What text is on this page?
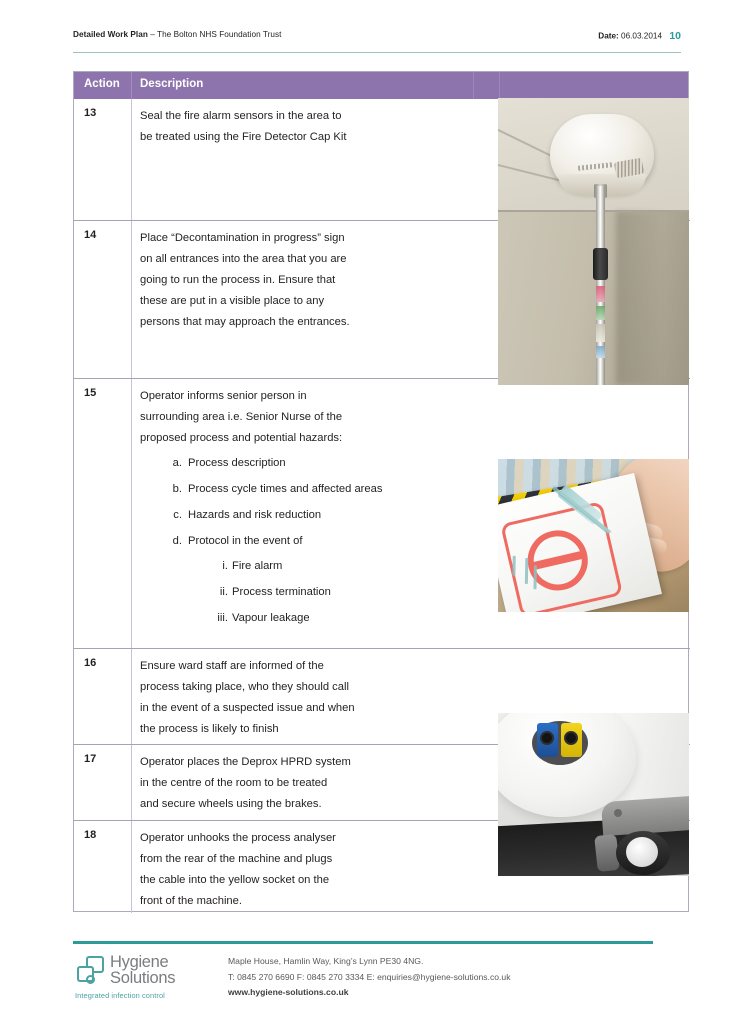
Detailed Work Plan – The Bolton NHS Foundation Trust	Date: 06.03.2014 10
Action Description
13	Seal the fire alarm sensors in the area to

be treated using the Fire Detector Cap Kit

14	Place “Decontamination in progress” sign

on all entrances into the area that you are

going to run the process in. Ensure that

these are put in a visible place to any

persons that may approach the entrances.

15	Operator informs senior person in

surrounding area i.e. Senior Nurse of the

proposed process and potential hazards:

a. Process description
b. Process cycle times and affected areas
c. Hazards and risk reduction
d. Protocol in the event of
i. Fire alarm
ii. Process termination
iii. Vapour leakage
16	Ensure ward staff are informed of the

process taking place, who they should call

in the event of a suspected issue and when

the process is likely to finish

17	Operator places the Deprox HPRD system

in the centre of the room to be treated

and secure wheels using the brakes.

18	Operator unhooks the process analyser

from the rear of the machine and plugs

the cable into the yellow socket on the

front of the machine.

Hygiene
Solutions
Integrated infection control
Maple House, Hamlin Way, King’s Lynn PE30 4NG.
T: 0845 270 6690 F: 0845 270 3334 E: enquiries@hygiene-solutions.co.uk
www.hygiene-solutions.co.uk
